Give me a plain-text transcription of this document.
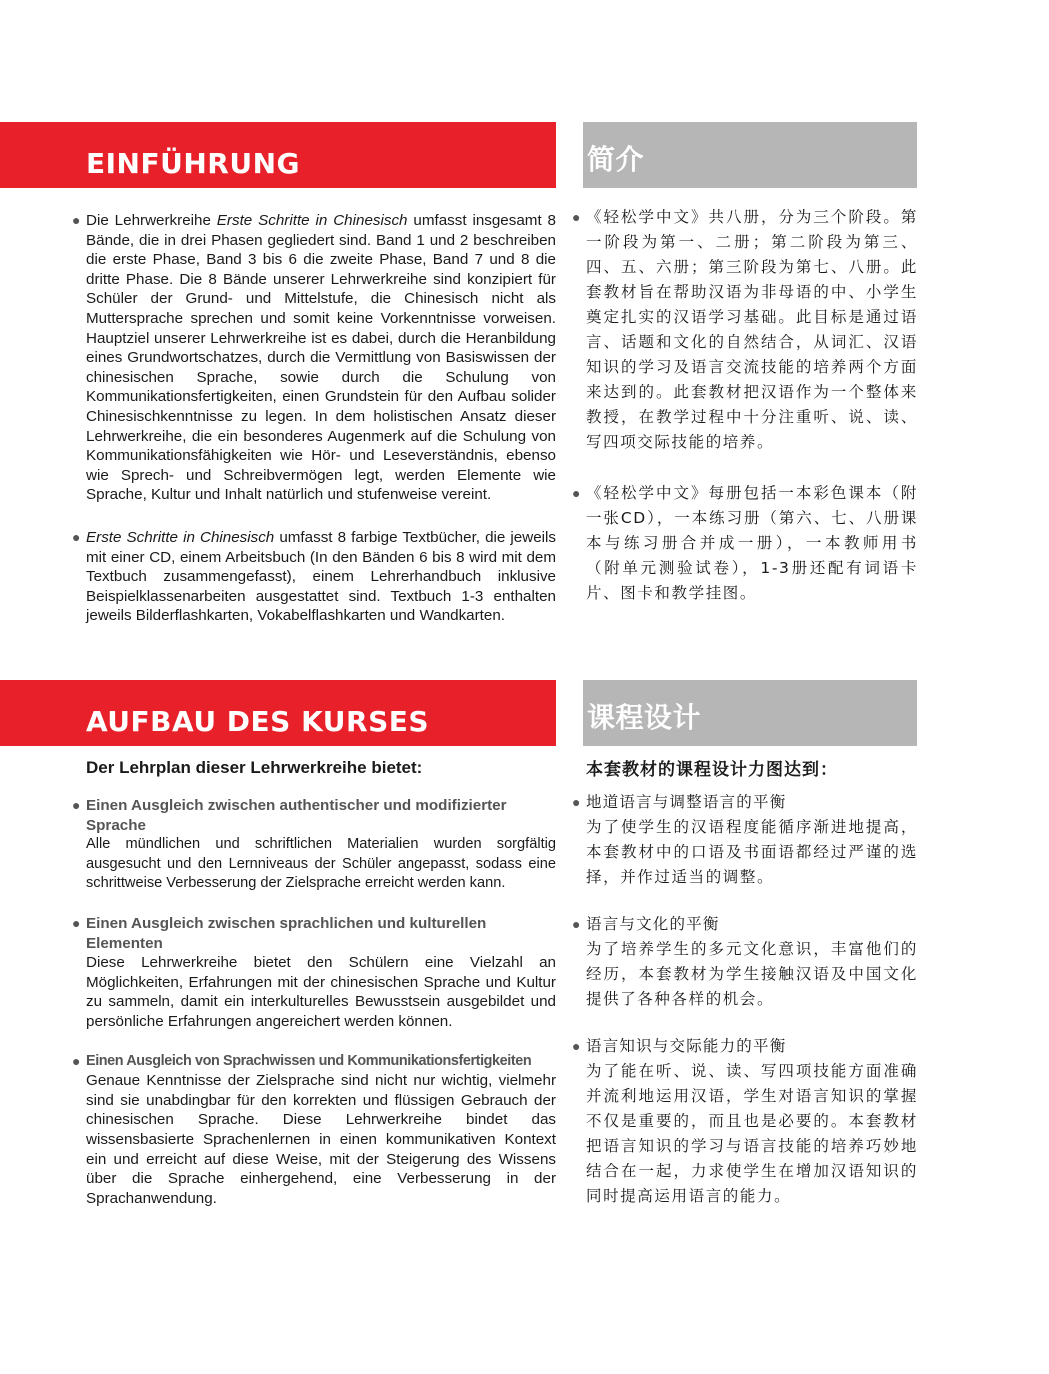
EINFÜHRUNG	简介
● Die Lehrwerkreihe Erste Schritte in Chinesisch umfasst insgesamt 8 Bände, die in drei Phasen gegliedert sind. Band 1 und 2 beschreiben die erste Phase, Band 3 bis 6 die zweite Phase, Band 7 und 8 die dritte Phase. Die 8 Bände unserer Lehrwerkreihe sind konzipiert für Schüler der Grund- und Mittelstufe, die Chinesisch nicht als Muttersprache sprechen und somit keine Vorkenntnisse vorweisen. Hauptziel unserer Lehrwerkreihe ist es dabei, durch die Heranbildung eines Grundwortschatzes, durch die Vermittlung von Basiswissen der chinesischen Sprache, sowie durch die Schulung von Kommunikationsfertigkeiten, einen Grundstein für den Aufbau solider Chinesischkenntnisse zu legen. In dem holistischen Ansatz dieser Lehrwerkreihe, die ein besonderes Augenmerk auf die Schulung von Kommunikationsfähigkeiten wie Hör- und Leseverständnis, ebenso wie Sprech- und Schreibvermögen legt, werden Elemente wie Sprache, Kultur und Inhalt natürlich und stufenweise vereint.
● Erste Schritte in Chinesisch umfasst 8 farbige Textbücher, die jeweils mit einer CD, einem Arbeitsbuch (In den Bänden 6 bis 8 wird mit dem Textbuch zusammengefasst), einem Lehrerhandbuch inklusive Beispielklassenarbeiten ausgestattet sind. Textbuch 1-3 enthalten jeweils Bilderflashkarten, Vokabelflashkarten und Wandkarten.
● 《轻松学中文》共八册，分为三个阶段。第一阶段为第一、二册；第二阶段为第三、四、五、六册；第三阶段为第七、八册。此套教材旨在帮助汉语为非母语的中、小学生奠定扎实的汉语学习基础。此目标是通过语言、话题和文化的自然结合，从词汇、汉语知识的学习及语言交流技能的培养两个方面来达到的。此套教材把汉语作为一个整体来教授，在教学过程中十分注重听、说、读、写四项交际技能的培养。
● 《轻松学中文》每册包括一本彩色课本（附一张CD），一本练习册（第六、七、八册课本与练习册合并成一册），一本教师用书（附单元测验试卷），1-3册还配有词语卡片、图卡和教学挂图。
AUFBAU DES KURSES	课程设计
Der Lehrplan dieser Lehrwerkreihe bietet:	本套教材的课程设计力图达到：
● Einen Ausgleich zwischen authentischer und modifizierter Sprache
Alle mündlichen und schriftlichen Materialien wurden sorgfältig ausgesucht und den Lernniveaus der Schüler angepasst, sodass eine schrittweise Verbesserung der Zielsprache erreicht werden kann.
● Einen Ausgleich zwischen sprachlichen und kulturellen Elementen
Diese Lehrwerkreihe bietet den Schülern eine Vielzahl an Möglichkeiten, Erfahrungen mit der chinesischen Sprache und Kultur zu sammeln, damit ein interkulturelles Bewusstsein ausgebildet und persönliche Erfahrungen angereichert werden können.
● Einen Ausgleich von Sprachwissen und Kommunikationsfertigkeiten
Genaue Kenntnisse der Zielsprache sind nicht nur wichtig, vielmehr sind sie unabdingbar für den korrekten und flüssigen Gebrauch der chinesischen Sprache. Diese Lehrwerkreihe bindet das wissensbasierte Sprachenlernen in einen kommunikativen Kontext ein und erreicht auf diese Weise, mit der Steigerung des Wissens über die Sprache einhergehend, eine Verbesserung in der Sprachanwendung.
● 地道语言与调整语言的平衡
为了使学生的汉语程度能循序渐进地提高，本套教材中的口语及书面语都经过严谨的选择，并作过适当的调整。
● 语言与文化的平衡
为了培养学生的多元文化意识，丰富他们的经历，本套教材为学生接触汉语及中国文化提供了各种各样的机会。
● 语言知识与交际能力的平衡
为了能在听、说、读、写四项技能方面准确并流利地运用汉语，学生对语言知识的掌握不仅是重要的，而且也是必要的。本套教材把语言知识的学习与语言技能的培养巧妙地结合在一起，力求使学生在增加汉语知识的同时提高运用语言的能力。
